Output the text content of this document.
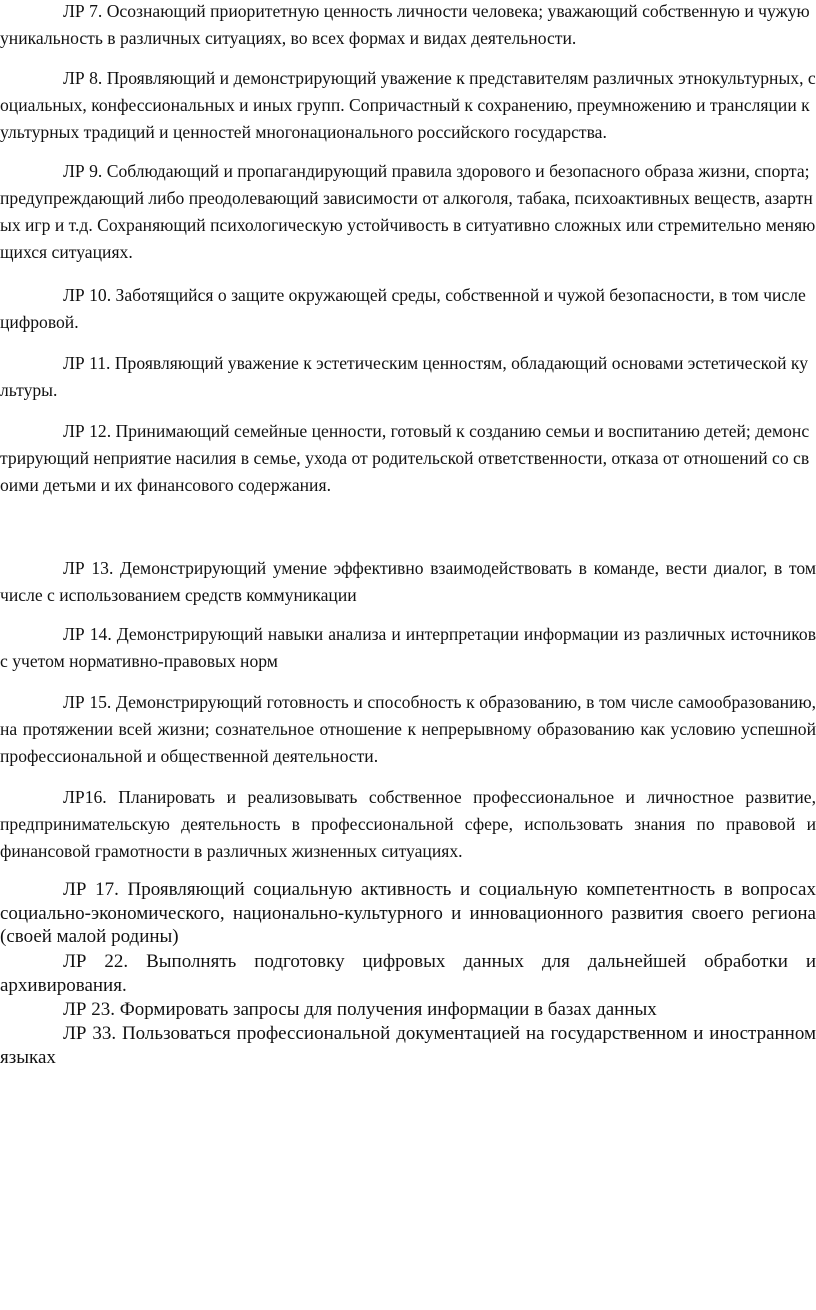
ЛР 7. Осознающий приоритетную ценность личности человека; уважающий собственную и чужую уникальность в различных ситуациях, во всех формах и видах деятельности.

ЛР 8. Проявляющий и демонстрирующий уважение к представителям различных этнокультурных, социальных, конфессиональных и иных групп. Сопричастный к сохранению, преумножению и трансляции культурных традиций и ценностей многонационального российского государства.

ЛР 9. Соблюдающий и пропагандирующий правила здорового и безопасного образа жизни, спорта; предупреждающий либо преодолевающий зависимости от алкоголя, табака, психоактивных веществ, азартных игр и т.д. Сохраняющий психологическую устойчивость в ситуативно сложных или стремительно меняющихся ситуациях.

ЛР 10. Заботящийся о защите окружающей среды, собственной и чужой безопасности, в том числе цифровой.

ЛР 11. Проявляющий уважение к эстетическим ценностям, обладающий основами эстетической культуры.

ЛР 12. Принимающий семейные ценности, готовый к созданию семьи и воспитанию детей; демонстрирующий неприятие насилия в семье, ухода от родительской ответственности, отказа от отношений со своими детьми и их финансового содержания.

ЛР 13. Демонстрирующий умение эффективно взаимодействовать в команде, вести диалог, в том числе с использованием средств коммуникации

ЛР 14. Демонстрирующий навыки анализа и интерпретации информации из различных источников с учетом нормативно-правовых норм

ЛР 15. Демонстрирующий готовность и способность к образованию, в том числе самообразованию, на протяжении всей жизни; сознательное отношение к непрерывному образованию как условию успешной профессиональной и общественной деятельности.

ЛР16. Планировать и реализовывать собственное профессиональное и личностное развитие, предпринимательскую деятельность в профессиональной сфере, использовать знания по правовой и финансовой грамотности в различных жизненных ситуациях.

ЛР 17. Проявляющий социальную активность и социальную компетентность в вопросах социально-экономического, национально-культурного и инновационного развития своего региона (своей малой родины)

ЛР 22. Выполнять подготовку цифровых данных для дальнейшей обработки и архивирования.

ЛР 23. Формировать запросы для получения информации в базах данных

ЛР 33. Пользоваться профессиональной документацией на государственном и иностранном языках
